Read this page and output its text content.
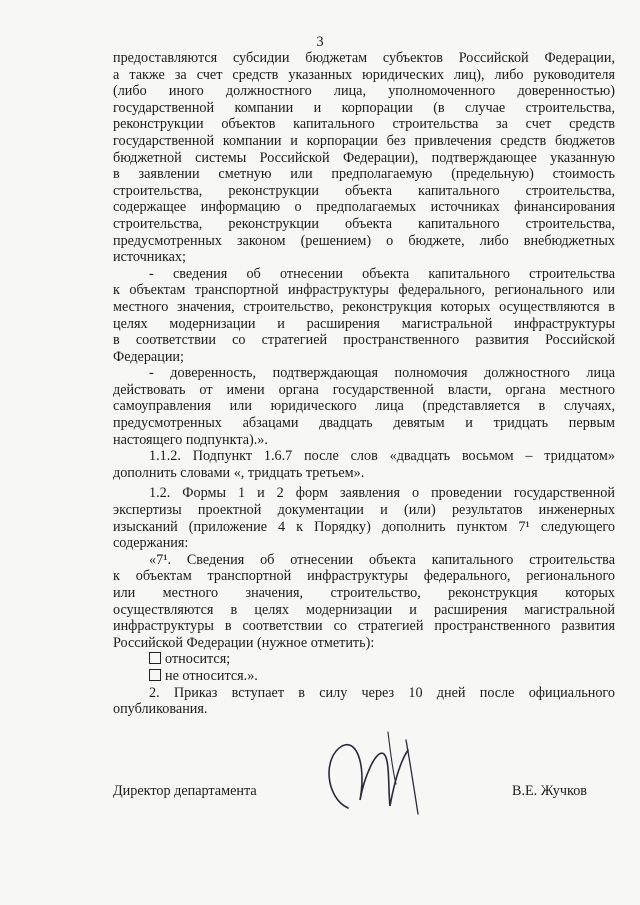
3
предоставляются субсидии бюджетам субъектов Российской Федерации,
а также за счет средств указанных юридических лиц), либо руководителя
(либо иного должностного лица, уполномоченного доверенностью)
государственной компании и корпорации (в случае строительства,
реконструкции объектов капитального строительства за счет средств
государственной компании и корпорации без привлечения средств бюджетов
бюджетной системы Российской Федерации), подтверждающее указанную
в заявлении сметную или предполагаемую (предельную) стоимость
строительства, реконструкции объекта капитального строительства,
содержащее информацию о предполагаемых источниках финансирования
строительства, реконструкции объекта капитального строительства,
предусмотренных законом (решением) о бюджете, либо внебюджетных
источниках;
- сведения об отнесении объекта капитального строительства
к объектам транспортной инфраструктуры федерального, регионального или
местного значения, строительство, реконструкция которых осуществляются в
целях модернизации и расширения магистральной инфраструктуры
в соответствии со стратегией пространственного развития Российской
Федерации;
- доверенность, подтверждающая полномочия должностного лица
действовать от имени органа государственной власти, органа местного
самоуправления или юридического лица (представляется в случаях,
предусмотренных абзацами двадцать девятым и тридцать первым
настоящего подпункта).».
1.1.2. Подпункт 1.6.7 после слов «двадцать восьмом – тридцатом»
дополнить словами «, тридцать третьем».
1.2. Формы 1 и 2 форм заявления о проведении государственной
экспертизы проектной документации и (или) результатов инженерных
изысканий (приложение 4 к Порядку) дополнить пунктом 7¹ следующего
содержания:
«7¹. Сведения об отнесении объекта капитального строительства
к объектам транспортной инфраструктуры федерального, регионального
или местного значения, строительство, реконструкция которых
осуществляются в целях модернизации и расширения магистральной
инфраструктуры в соответствии со стратегией пространственного развития
Российской Федерации (нужное отметить):
относится;
не относится.».
2. Приказ вступает в силу через 10 дней после официального
опубликования.
Директор департамента	В.Е. Жучков
